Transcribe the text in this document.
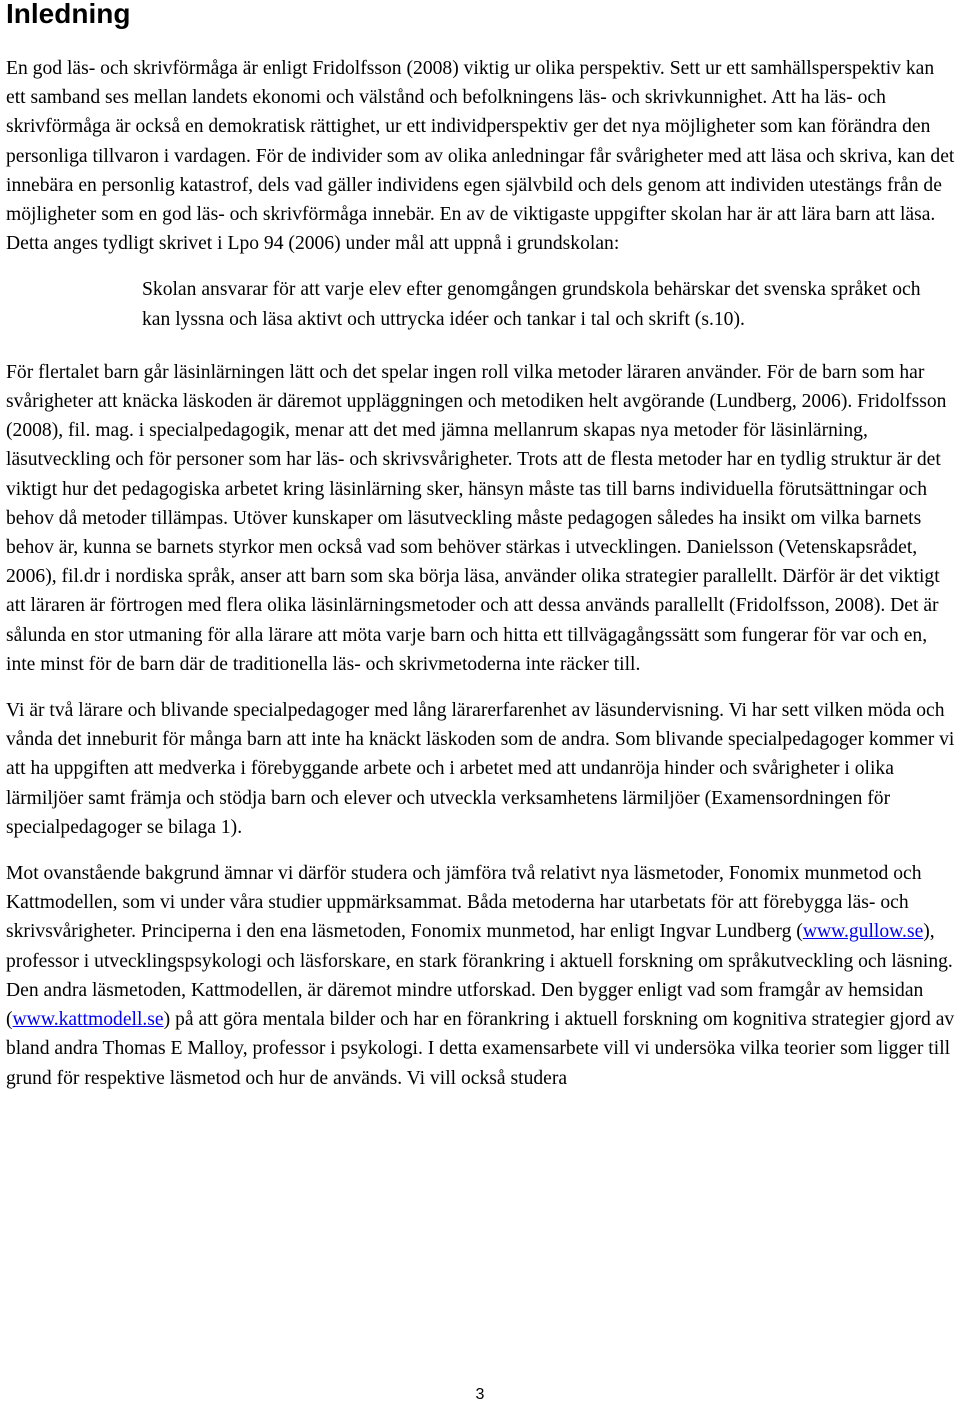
Inledning

En god läs- och skrivförmåga är enligt Fridolfsson (2008) viktig ur olika perspektiv. Sett ur ett samhällsperspektiv kan ett samband ses mellan landets ekonomi och välstånd och befolkningens läs- och skrivkunnighet. Att ha läs- och skrivförmåga är också en demokratisk rättighet, ur ett individperspektiv ger det nya möjligheter som kan förändra den personliga tillvaron i vardagen. För de individer som av olika anledningar får svårigheter med att läsa och skriva, kan det innebära en personlig katastrof, dels vad gäller individens egen självbild och dels genom att individen utestängs från de möjligheter som en god läs- och skrivförmåga innebär. En av de viktigaste uppgifter skolan har är att lära barn att läsa. Detta anges tydligt skrivet i Lpo 94 (2006) under mål att uppnå i grundskolan:

Skolan ansvarar för att varje elev efter genomgången grundskola behärskar det svenska språket och kan lyssna och läsa aktivt och uttrycka idéer och tankar i tal och skrift (s.10).

För flertalet barn går läsinlärningen lätt och det spelar ingen roll vilka metoder läraren använder. För de barn som har svårigheter att knäcka läskoden är däremot uppläggningen och metodiken helt avgörande (Lundberg, 2006). Fridolfsson (2008), fil. mag. i specialpedagogik, menar att det med jämna mellanrum skapas nya metoder för läsinlärning, läsutveckling och för personer som har läs- och skrivsvårigheter. Trots att de flesta metoder har en tydlig struktur är det viktigt hur det pedagogiska arbetet kring läsinlärning sker, hänsyn måste tas till barns individuella förutsättningar och behov då metoder tillämpas. Utöver kunskaper om läsutveckling måste pedagogen således ha insikt om vilka barnets behov är, kunna se barnets styrkor men också vad som behöver stärkas i utvecklingen. Danielsson (Vetenskapsrådet, 2006), fil.dr i nordiska språk, anser att barn som ska börja läsa, använder olika strategier parallellt. Därför är det viktigt att läraren är förtrogen med flera olika läsinlärningsmetoder och att dessa används parallellt (Fridolfsson, 2008). Det är sålunda en stor utmaning för alla lärare att möta varje barn och hitta ett tillvägagångssätt som fungerar för var och en, inte minst för de barn där de traditionella läs- och skrivmetoderna inte räcker till.

Vi är två lärare och blivande specialpedagoger med lång lärarerfarenhet av läsundervisning. Vi har sett vilken möda och vånda det inneburit för många barn att inte ha knäckt läskoden som de andra. Som blivande specialpedagoger kommer vi att ha uppgiften att medverka i förebyggande arbete och i arbetet med att undanröja hinder och svårigheter i olika lärmiljöer samt främja och stödja barn och elever och utveckla verksamhetens lärmiljöer (Examensordningen för specialpedagoger se bilaga 1).

Mot ovanstående bakgrund ämnar vi därför studera och jämföra två relativt nya läsmetoder, Fonomix munmetod och Kattmodellen, som vi under våra studier uppmärksammat. Båda metoderna har utarbetats för att förebygga läs- och skrivsvårigheter. Principerna i den ena läsmetoden, Fonomix munmetod, har enligt Ingvar Lundberg (www.gullow.se), professor i utvecklingspsykologi och läsforskare, en stark förankring i aktuell forskning om språkutveckling och läsning. Den andra läsmetoden, Kattmodellen, är däremot mindre utforskad. Den bygger enligt vad som framgår av hemsidan (www.kattmodell.se) på att göra mentala bilder och har en förankring i aktuell forskning om kognitiva strategier gjord av bland andra Thomas E Malloy, professor i psykologi. I detta examensarbete vill vi undersöka vilka teorier som ligger till grund för respektive läsmetod och hur de används. Vi vill också studera

3
